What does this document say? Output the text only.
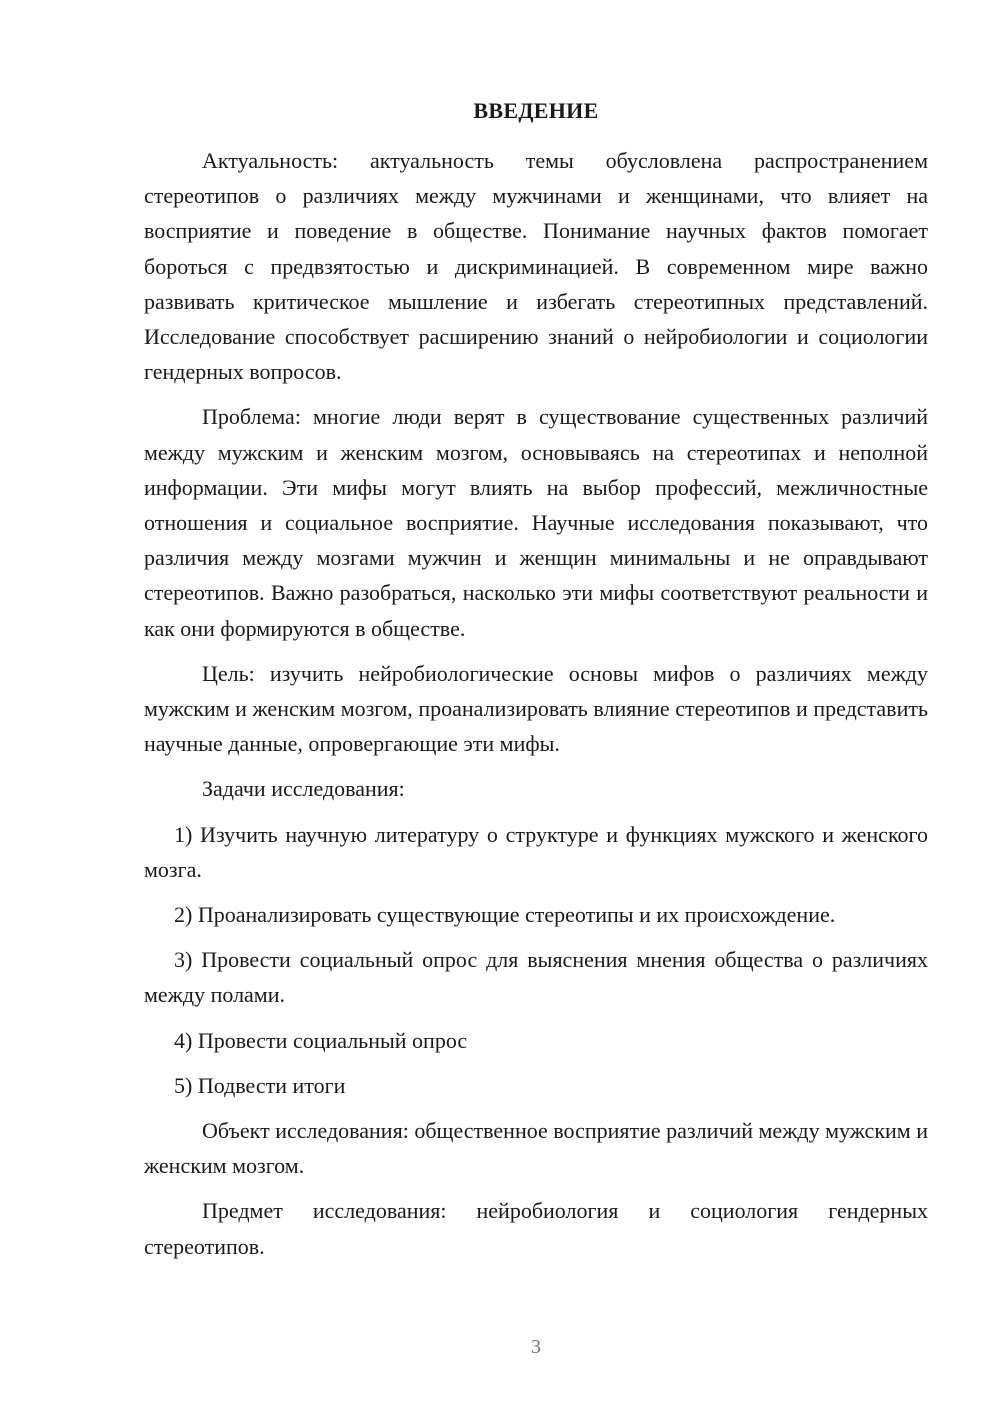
ВВЕДЕНИЕ

Актуальность: актуальность темы обусловлена распространением стереотипов о различиях между мужчинами и женщинами, что влияет на восприятие и поведение в обществе. Понимание научных фактов помогает бороться с предвзятостью и дискриминацией. В современном мире важно развивать критическое мышление и избегать стереотипных представлений. Исследование способствует расширению знаний о нейробиологии и социологии гендерных вопросов.

Проблема: многие люди верят в существование существенных различий между мужским и женским мозгом, основываясь на стереотипах и неполной информации. Эти мифы могут влиять на выбор профессий, межличностные отношения и социальное восприятие. Научные исследования показывают, что различия между мозгами мужчин и женщин минимальны и не оправдывают стереотипов. Важно разобраться, насколько эти мифы соответствуют реальности и как они формируются в обществе.

Цель: изучить нейробиологические основы мифов о различиях между мужским и женским мозгом, проанализировать влияние стереотипов и представить научные данные, опровергающие эти мифы.

Задачи исследования:

1) Изучить научную литературу о структуре и функциях мужского и женского мозга.

2) Проанализировать существующие стереотипы и их происхождение.

3) Провести социальный опрос для выяснения мнения общества о различиях между полами.

4) Провести социальный опрос

5) Подвести итоги

Объект исследования: общественное восприятие различий между мужским и женским мозгом.

Предмет исследования: нейробиология и социология гендерных стереотипов.

3
